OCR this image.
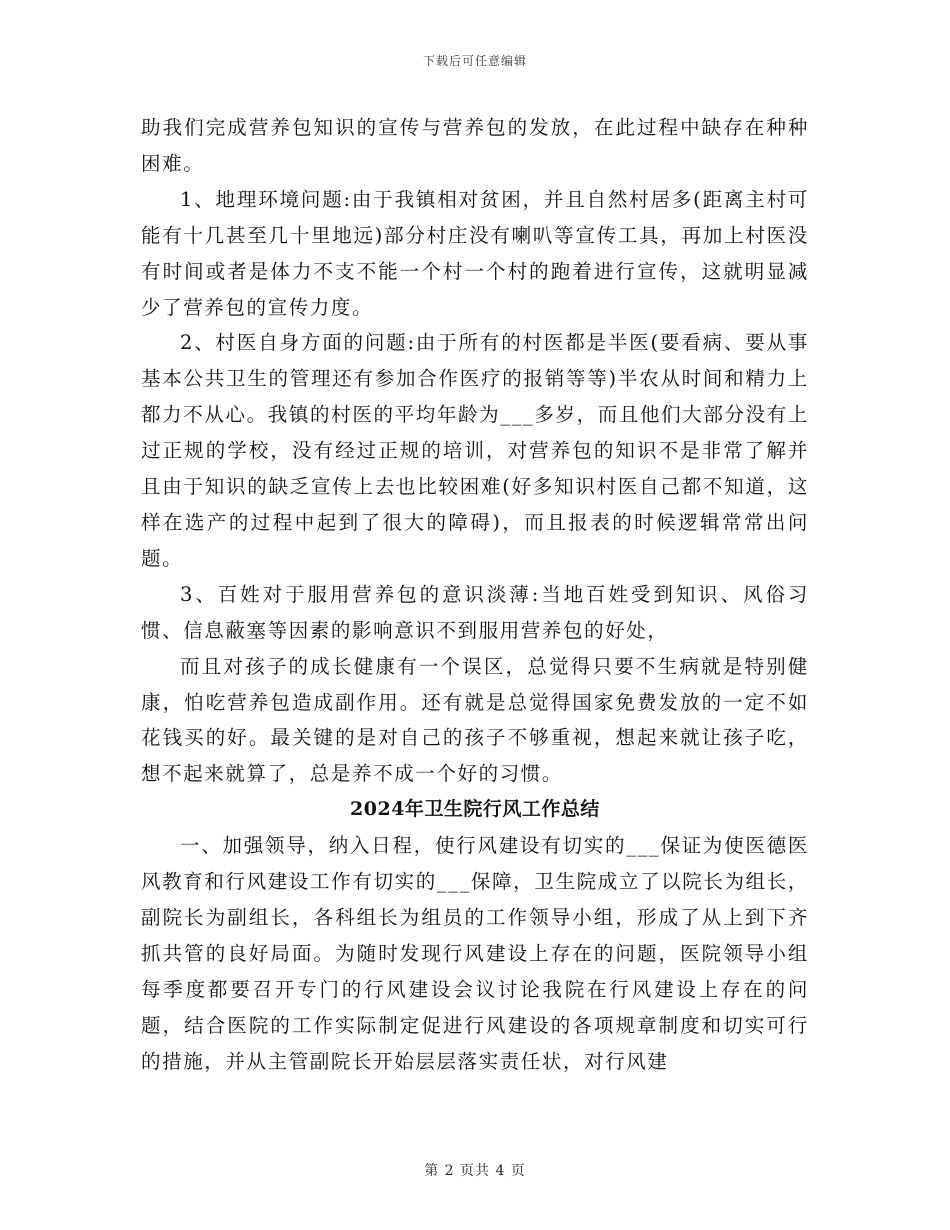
下载后可任意编辑

助我们完成营养包知识的宣传与营养包的发放，在此过程中缺存在种种困难。

1、地理环境问题:由于我镇相对贫困，并且自然村居多(距离主村可能有十几甚至几十里地远)部分村庄没有喇叭等宣传工具，再加上村医没有时间或者是体力不支不能一个村一个村的跑着进行宣传，这就明显减少了营养包的宣传力度。

2、村医自身方面的问题:由于所有的村医都是半医(要看病、要从事基本公共卫生的管理还有参加合作医疗的报销等等)半农从时间和精力上都力不从心。我镇的村医的平均年龄为___多岁，而且他们大部分没有上过正规的学校，没有经过正规的培训，对营养包的知识不是非常了解并且由于知识的缺乏宣传上去也比较困难(好多知识村医自己都不知道，这样在选产的过程中起到了很大的障碍)，而且报表的时候逻辑常常出问题。

3、百姓对于服用营养包的意识淡薄:当地百姓受到知识、风俗习惯、信息蔽塞等因素的影响意识不到服用营养包的好处，

而且对孩子的成长健康有一个误区，总觉得只要不生病就是特别健康，怕吃营养包造成副作用。还有就是总觉得国家免费发放的一定不如花钱买的好。最关键的是对自己的孩子不够重视，想起来就让孩子吃，想不起来就算了，总是养不成一个好的习惯。

2024年卫生院行风工作总结

一、加强领导，纳入日程，使行风建设有切实的___保证为使医德医风教育和行风建设工作有切实的___保障，卫生院成立了以院长为组长，副院长为副组长，各科组长为组员的工作领导小组，形成了从上到下齐抓共管的良好局面。为随时发现行风建设上存在的问题，医院领导小组每季度都要召开专门的行风建设会议讨论我院在行风建设上存在的问题，结合医院的工作实际制定促进行风建设的各项规章制度和切实可行的措施，并从主管副院长开始层层落实责任状，对行风建

第 2 页共 4 页
